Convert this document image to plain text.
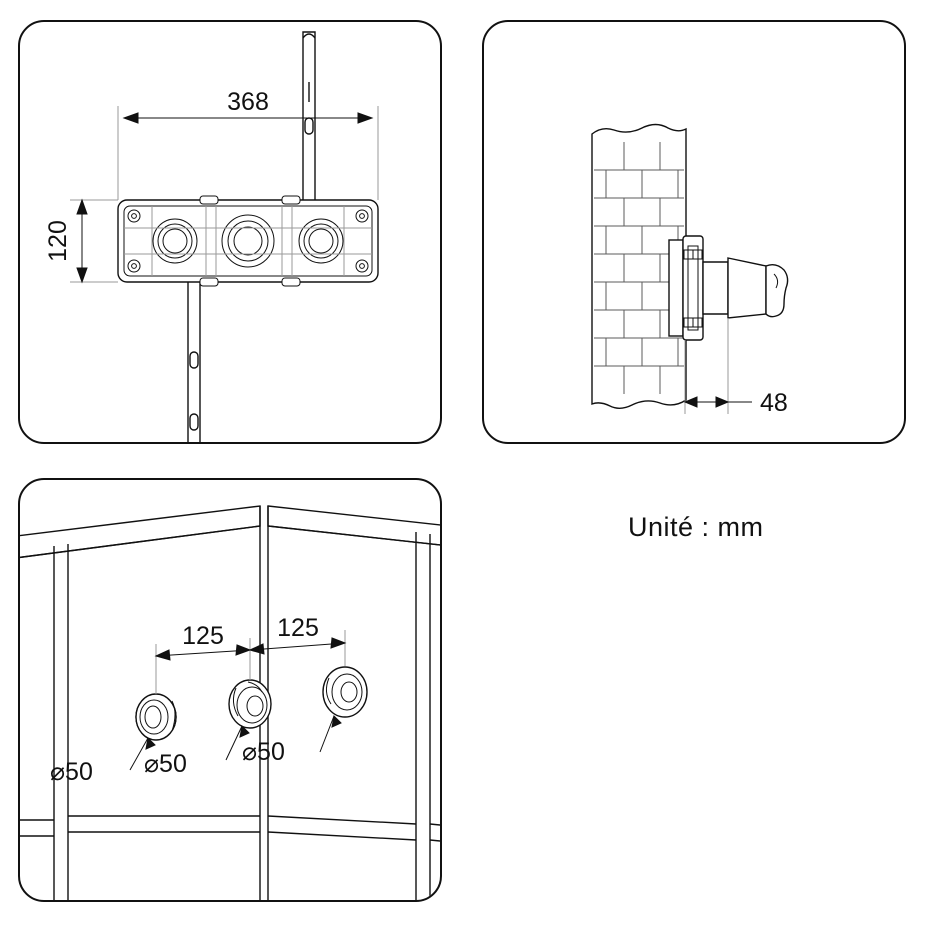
368
120
48
125 125
⌀50 ⌀50 ⌀50
Unité : mm
